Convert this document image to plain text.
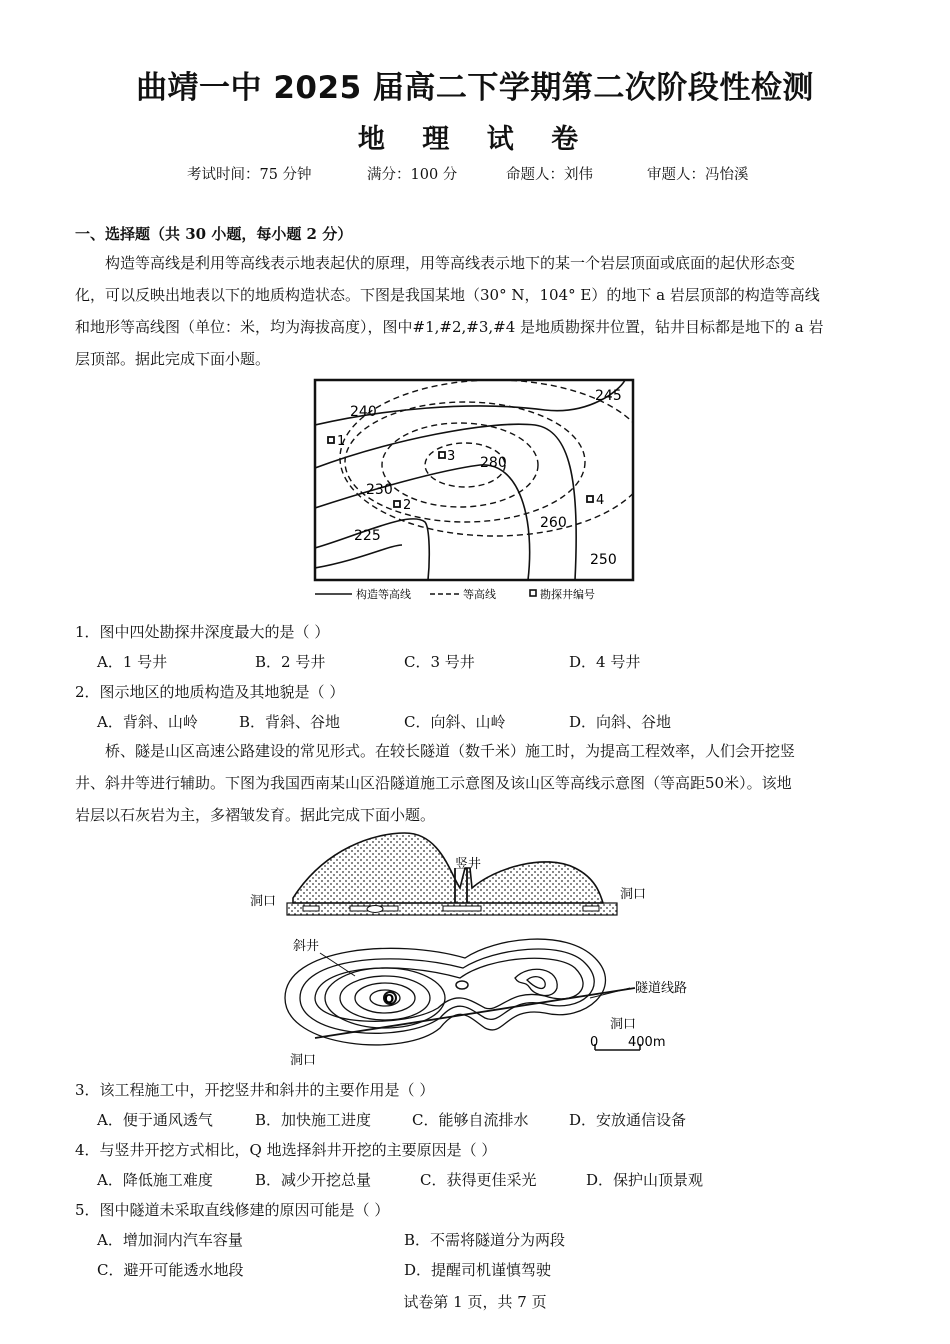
曲靖一中 2025 届高二下学期第二次阶段性检测
地 理 试 卷
考试时间：75 分钟	满分：100 分	命题人：刘伟	审题人：冯怡溪
一、选择题（共 30 小题，每小题 2 分）
构造等高线是利用等高线表示地表起伏的原理，用等高线表示地下的某一个岩层顶面或底面的起伏形态变
化，可以反映出地表以下的地质构造状态。下图是我国某地（30° N，104° E）的地下 a 岩层顶部的构造等高线
和地形等高线图（单位：米，均为海拔高度），图中#1,#2,#3,#4 是地质勘探井位置，钻井目标都是地下的 a 岩
层顶部。据此完成下面小题。
240
245
280
230
260
225
250
1
2
3
4
构造等高线	等高线	勘探井编号
1．图中四处勘探井深度最大的是（ ）
A．1 号井	B．2 号井	C．3 号井	D．4 号井
2．图示地区的地质构造及其地貌是（ ）
A．背斜、山岭	B．背斜、谷地	C．向斜、山岭	D．向斜、谷地
桥、隧是山区高速公路建设的常见形式。在较长隧道（数千米）施工时，为提高工程效率，人们会开挖竖
井、斜井等进行辅助。下图为我国西南某山区沿隧道施工示意图及该山区等高线示意图（等高距50米）。该地
岩层以石灰岩为主，多褶皱发育。据此完成下面小题。
竖井
洞口	洞口
斜井
Q
隧道线路
洞口
洞口
0 400m
3．该工程施工中，开挖竖井和斜井的主要作用是（ ）
A．便于通风透气	B．加快施工进度	C．能够自流排水	D．安放通信设备
4．与竖井开挖方式相比，Q 地选择斜井开挖的主要原因是（ ）
A．降低施工难度	B．减少开挖总量	C．获得更佳采光	D．保护山顶景观
5．图中隧道未采取直线修建的原因可能是（ ）
A．增加洞内汽车容量	B．不需将隧道分为两段
C．避开可能透水地段	D．提醒司机谨慎驾驶
试卷第 1 页，共 7 页
